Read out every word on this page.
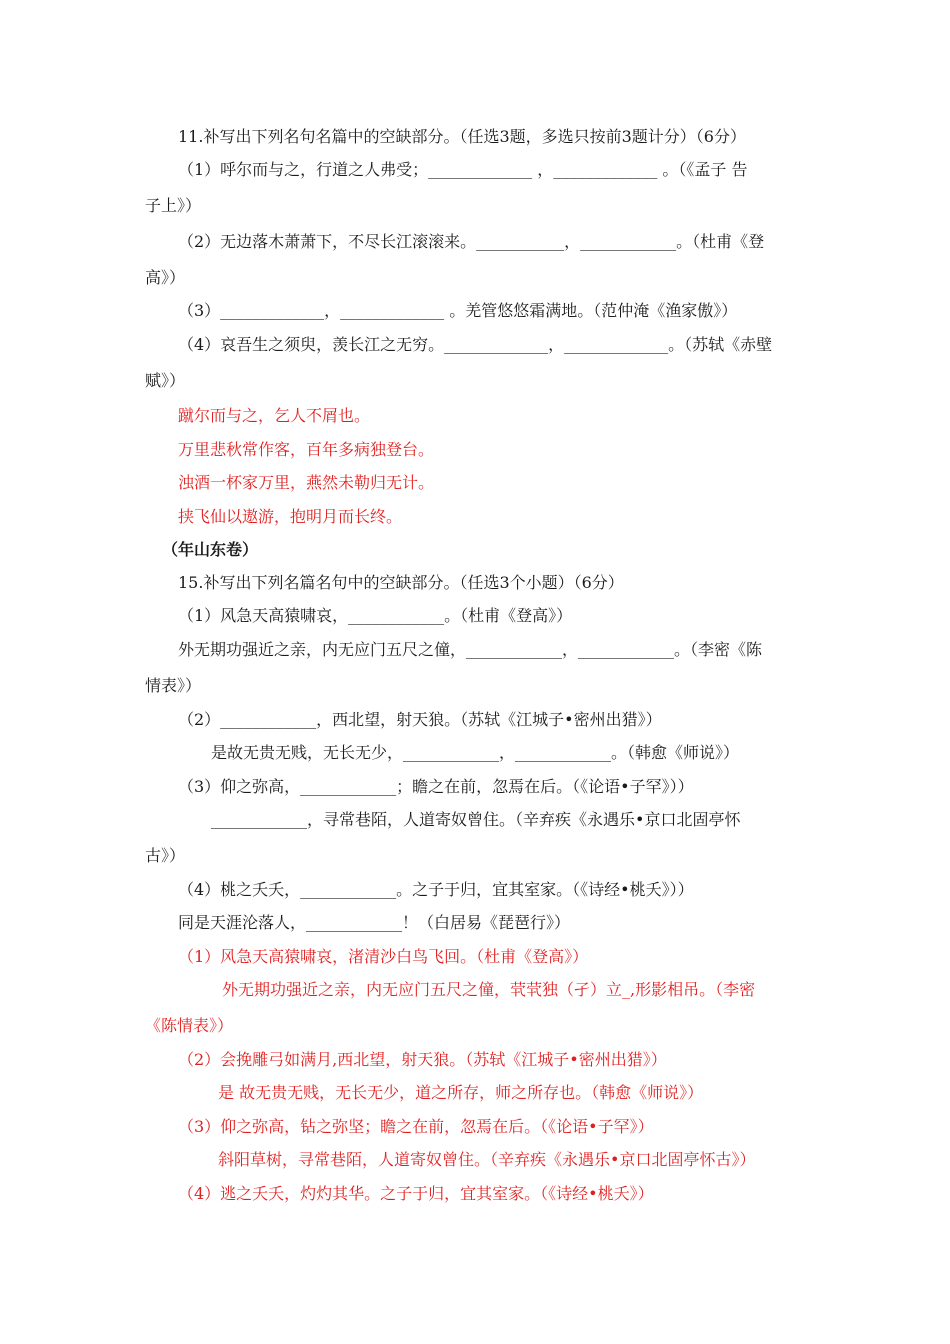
11.补写出下列名句名篇中的空缺部分。（任选3题，多选只按前3题计分）（6分）
（1）呼尔而与之，行道之人弗受；_____________ ，_____________ 。（《孟子 告
子上》）
（2）无边落木萧萧下，不尽长江滚滚来。___________，____________。（杜甫《登
高》）
（3）_____________，_____________ 。羌管悠悠霜满地。（范仲淹《渔家傲》）
（4）哀吾生之须臾，羡长江之无穷。_____________，_____________。（苏轼《赤壁
赋》）
蹴尔而与之，乞人不屑也。
万里悲秋常作客，百年多病独登台。
浊酒一杯家万里，燕然未勒归无计。
挟飞仙以遨游，抱明月而长终。
（年山东卷）
15.补写出下列名篇名句中的空缺部分。（任选3个小题）（6分）
（1）风急天高猿啸哀，____________。（杜甫《登高》）
外无期功强近之亲，内无应门五尺之僮，____________，____________。（李密《陈
情表》）
（2）____________，西北望，射天狼。（苏轼《江城子•密州出猎》）
是故无贵无贱，无长无少，____________，____________。（韩愈《师说》）
（3）仰之弥高，____________；瞻之在前，忽焉在后。（《论语•子罕》））
____________，寻常巷陌，人道寄奴曾住。（辛弃疾《永遇乐•京口北固亭怀
古》）
（4）桃之夭夭，____________。之子于归，宜其室家。（《诗经•桃夭》））
同是天涯沦落人，____________！（白居易《琵琶行》）
（1）风急天高猿啸哀，渚清沙白鸟飞回。（杜甫《登高》）
外无期功强近之亲，内无应门五尺之僮，茕茕独（孑）立_,形影相吊。（李密
《陈情表》）
（2）会挽雕弓如满月,西北望，射天狼。（苏轼《江城子•密州出猎》）
是 故无贵无贱，无长无少，道之所存，师之所存也。（韩愈《师说》）
（3）仰之弥高，钻之弥坚；瞻之在前，忽焉在后。（《论语•子罕》）
斜阳草树，寻常巷陌，人道寄奴曾住。（辛弃疾《永遇乐•京口北固亭怀古》）
（4）逃之夭夭，灼灼其华。之子于归，宜其室家。（《诗经•桃夭》）
